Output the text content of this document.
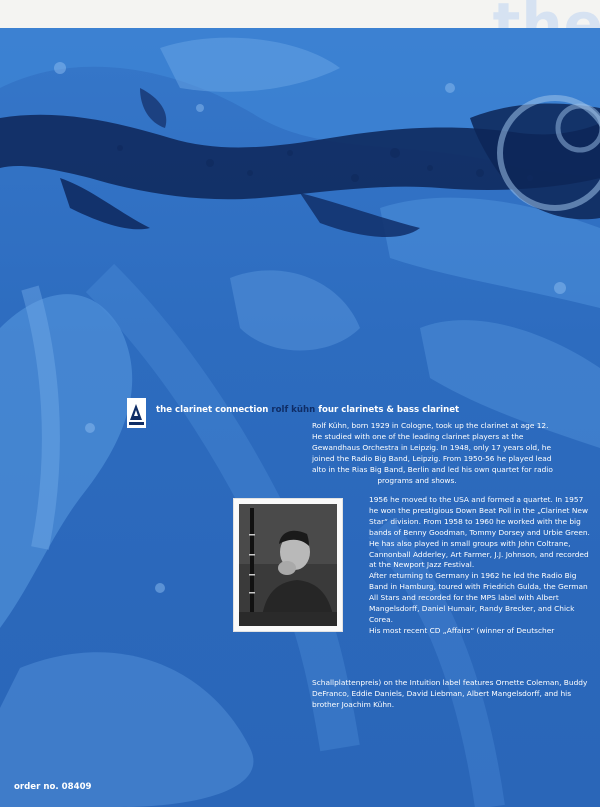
the clarinet connection rolf kühn four clarinets & bass clarinet

Rolf Kühn, born 1929 in Cologne, took up the clarinet at age 12.

He studied with one of the leading clarinet players at the

Gewandhaus Orchestra in Leipzig. In 1948, only 17 years old, he

joined the Radio Big Band, Leipzig. From 1950-56 he played lead

alto in the Rias Big Band, Berlin and led his own quartet for radio

programs and shows.

1956 he moved to the USA and formed a quartet. In 1957 he won the prestigious Down Beat Poll in the „Clarinet New Star“ division. From 1958 to 1960 he worked with the big bands of Benny Goodman, Tommy Dorsey and Urbie Green. He has also played in small groups with John Coltrane, Cannonball Adderley, Art Farmer, J.J. Johnson, and recorded at the Newport Jazz Festival.

After returning to Germany in 1962 he led the Radio Big Band in Hamburg, toured with Friedrich Gulda, the German All Stars and recorded for the MPS label with Albert Mangelsdorff, Daniel Humair, Randy Brecker, and Chick Corea.

His most recent CD „Affairs“ (winner of Deutscher

Schallplattenpreis) on the Intuition label features Ornette Coleman, Buddy DeFranco, Eddie Daniels, David Liebman, Albert Mangelsdorff, and his brother Joachim Kühn.

order no. 08409
